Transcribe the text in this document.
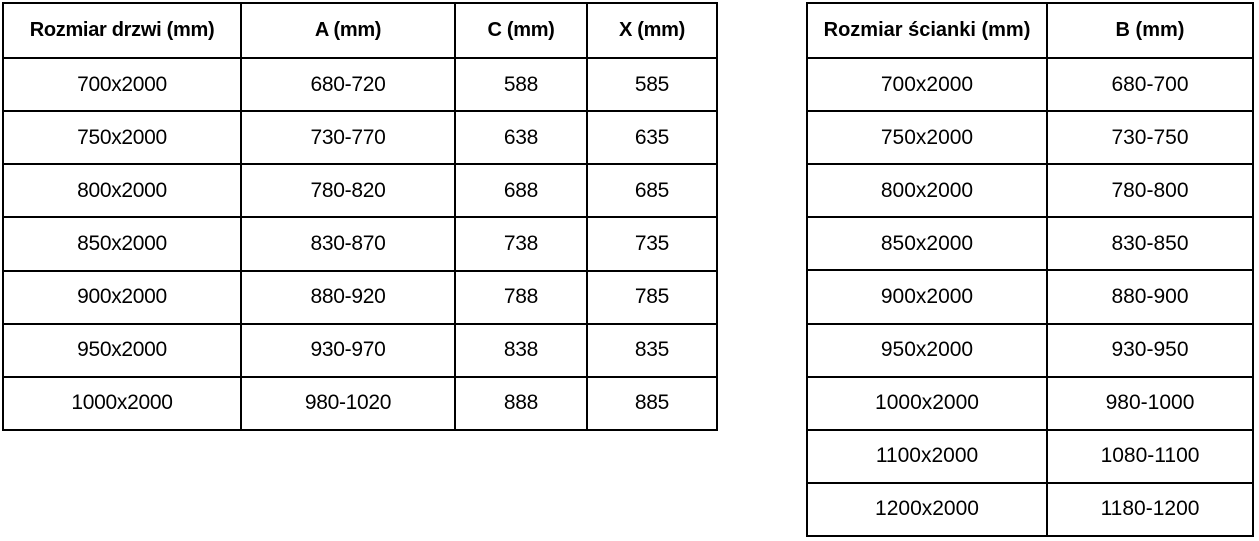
Rozmiar drzwi (mm)	A (mm)	C (mm)	X (mm)
700x2000	680-720	588	585
750x2000	730-770	638	635
800x2000	780-820	688	685
850x2000	830-870	738	735
900x2000	880-920	788	785
950x2000	930-970	838	835
1000x2000	980-1020	888	885
Rozmiar ścianki (mm)	B (mm)
700x2000	680-700
750x2000	730-750
800x2000	780-800
850x2000	830-850
900x2000	880-900
950x2000	930-950
1000x2000	980-1000
1100x2000	1080-1100
1200x2000	1180-1200
